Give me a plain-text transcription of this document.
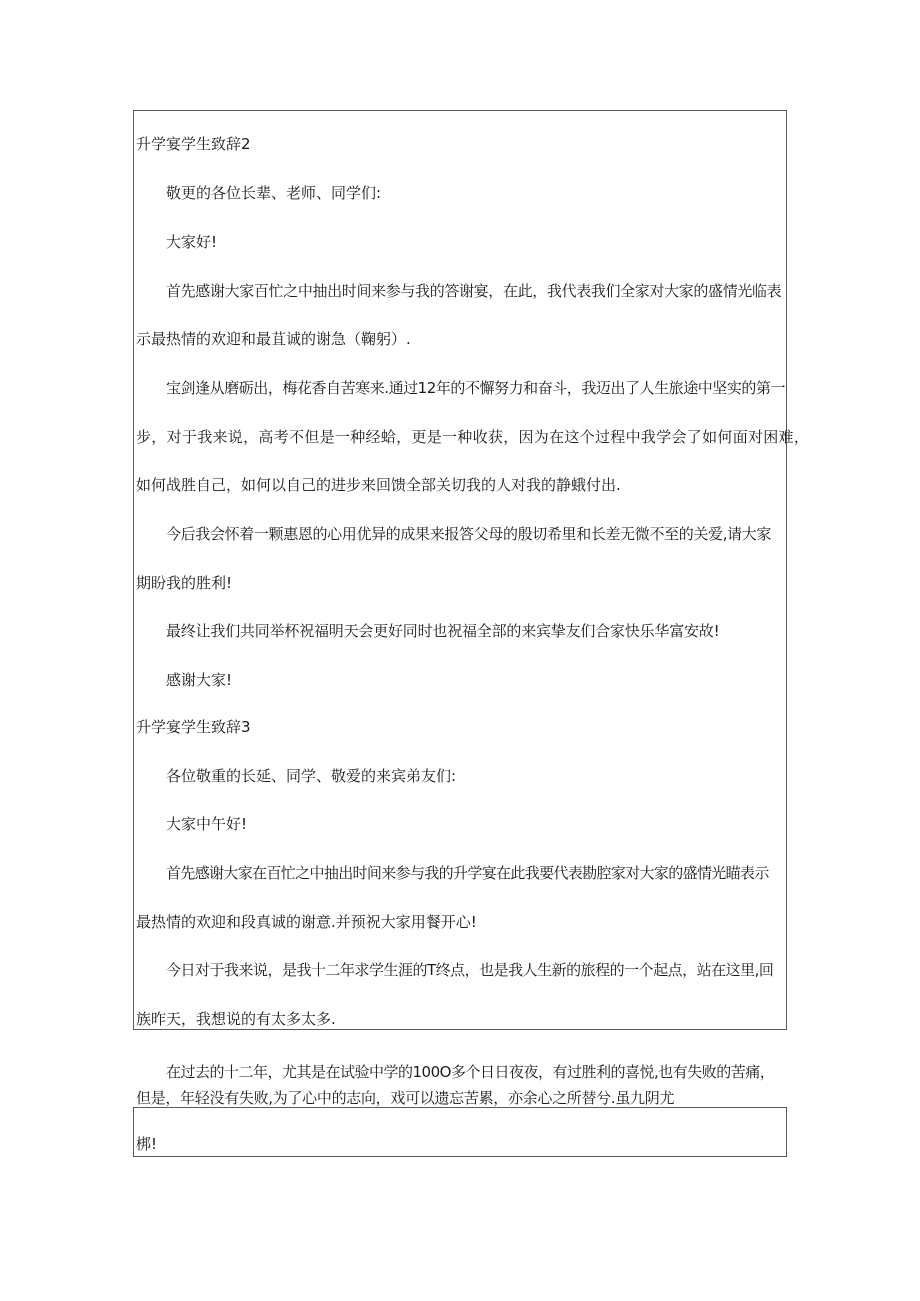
升学宴学生致辞2

敬更的各位长辈、老师、同学们:

大家好!

首先感谢大家百忙之中抽出时间来参与我的答谢宴，在此，我代表我们全家对大家的盛情光临表

示最热情的欢迎和最苴诚的谢急（鞠躬）.

宝剑逢从磨砺出，梅花香自苦寒来.通过12年的不懈努力和奋斗，我迈出了人生旅途中坚实的第一

步，对于我来说，高考不但是一种经蛤，更是一种收获，因为在这个过程中我学会了如何面对困难，

如何战胜自己，如何以自己的进步来回馈全部关切我的人对我的静蛾付出.

今后我会怀着一颗惠恩的心用优异的成果来报答父母的殷切希里和长差无微不至的关爱,请大家

期盼我的胜利!

最终让我们共同举杯祝福明天会更好同时也祝福全部的来宾挚友们合家快乐华富安故!

感谢大家!

升学宴学生致辞3

各位敬重的长延、同学、敬爱的来宾弟友们:

大家中午好!

首先感谢大家在百忙之中抽出时间来参与我的升学宴在此我要代表勘腔家对大家的盛情光瞄表示

最热情的欢迎和段真诚的谢意.并预祝大家用餐开心!

今日对于我来说，是我十二年求学生涯的T终点，也是我人生新的旅程的一个起点，站在这里,回

族昨天，我想说的有太多太多.

在过去的十二年，尤其是在试验中学的100O多个日日夜夜，有过胜利的喜悦,也有失败的苦痛，

但是，年轻没有失败,为了心中的志向，戏可以遗忘苦累，亦余心之所替兮.虽九阴尤

梆!
